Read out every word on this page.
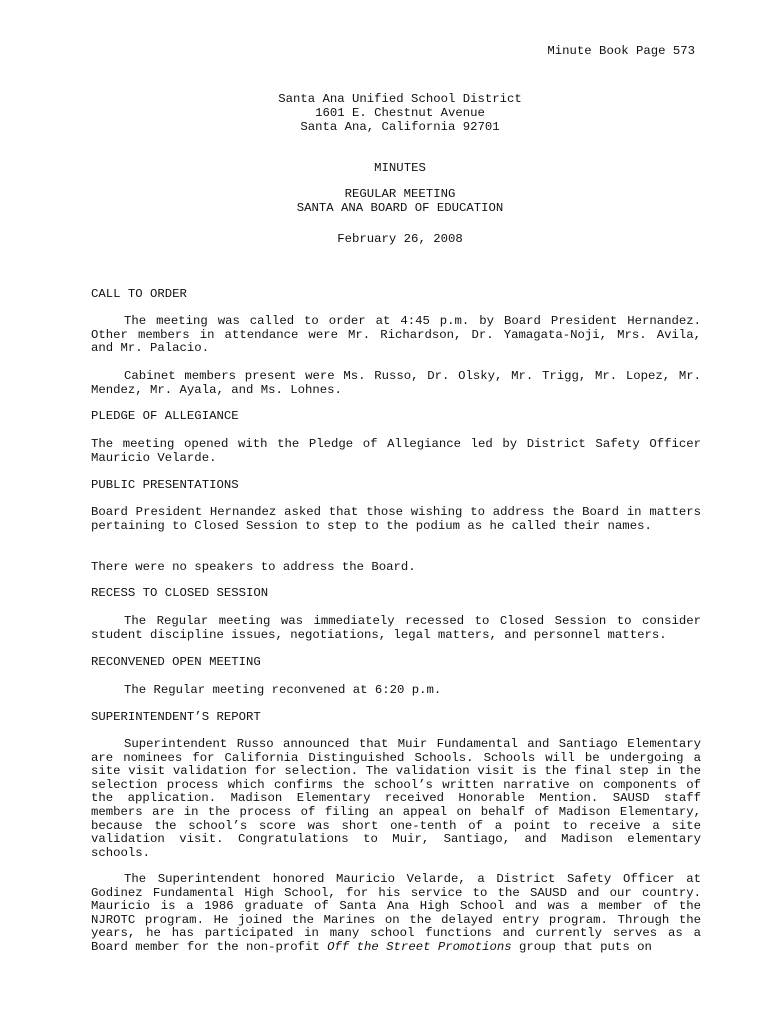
Minute Book Page 573

Santa Ana Unified School District

1601 E. Chestnut Avenue

Santa Ana, California 92701

MINUTES

REGULAR MEETING

SANTA ANA BOARD OF EDUCATION

February 26, 2008

CALL TO ORDER

The meeting was called to order at 4:45 p.m. by Board President Hernandez. Other members in attendance were Mr. Richardson, Dr. Yamagata-Noji, Mrs. Avila, and Mr. Palacio.

Cabinet members present were Ms. Russo, Dr. Olsky, Mr. Trigg, Mr. Lopez, Mr. Mendez, Mr. Ayala, and Ms. Lohnes.

PLEDGE OF ALLEGIANCE

The meeting opened with the Pledge of Allegiance led by District Safety Officer Mauricio Velarde.

PUBLIC PRESENTATIONS

Board President Hernandez asked that those wishing to address the Board in matters pertaining to Closed Session to step to the podium as he called their names.

There were no speakers to address the Board.

RECESS TO CLOSED SESSION

The Regular meeting was immediately recessed to Closed Session to consider student discipline issues, negotiations, legal matters, and personnel matters.

RECONVENED OPEN MEETING

The Regular meeting reconvened at 6:20 p.m.

SUPERINTENDENT’S REPORT

Superintendent Russo announced that Muir Fundamental and Santiago Elementary are nominees for California Distinguished Schools. Schools will be undergoing a site visit validation for selection. The validation visit is the final step in the selection process which confirms the school’s written narrative on components of the application. Madison Elementary received Honorable Mention. SAUSD staff members are in the process of filing an appeal on behalf of Madison Elementary, because the school’s score was short one-tenth of a point to receive a site validation visit. Congratulations to Muir, Santiago, and Madison elementary schools.

The Superintendent honored Mauricio Velarde, a District Safety Officer at Godinez Fundamental High School, for his service to the SAUSD and our country. Mauricio is a 1986 graduate of Santa Ana High School and was a member of the NJROTC program. He joined the Marines on the delayed entry program. Through the years, he has participated in many school functions and currently serves as a Board member for the non-profit Off the Street Promotions group that puts on
